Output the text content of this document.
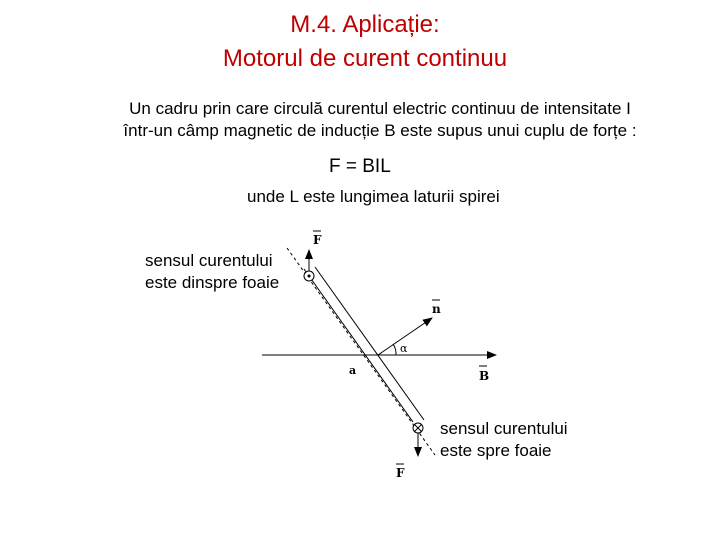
M.4. Aplicație:
Motorul de curent continuu
Un cadru prin care circulă curentul electric continuu de intensitate I
într-un câmp magnetic de inducție B este supus unui cuplu de forțe :
F = BIL
unde L este lungimea laturii spirei
F
n
B
F
α
a
sensul curentului
este dinspre foaie
sensul curentului
este spre foaie
